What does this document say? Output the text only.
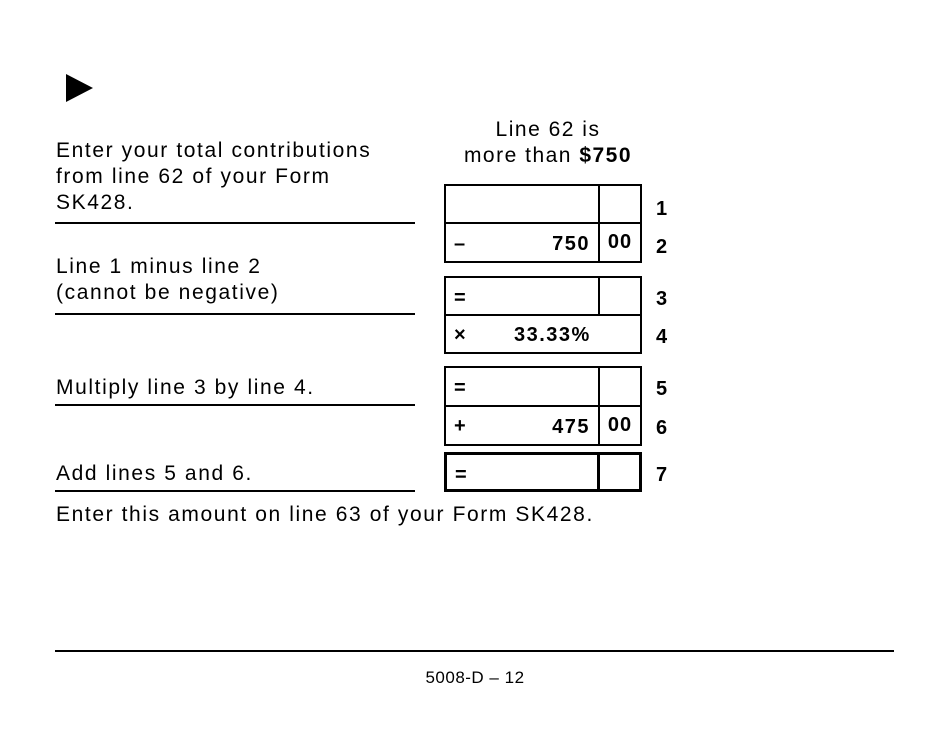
Line 62 is
more than $750
Enter your total contributions
from line 62 of your Form
SK428.
Line 1 minus line 2
(cannot be negative)
Multiply line 3 by line 4.
Add lines 5 and 6.
Enter this amount on line 63 of your Form SK428.
–	750 00
=
× 33.33%
=
+	475 00
=
1
2
3
4
5
6
7
5008-D – 12
